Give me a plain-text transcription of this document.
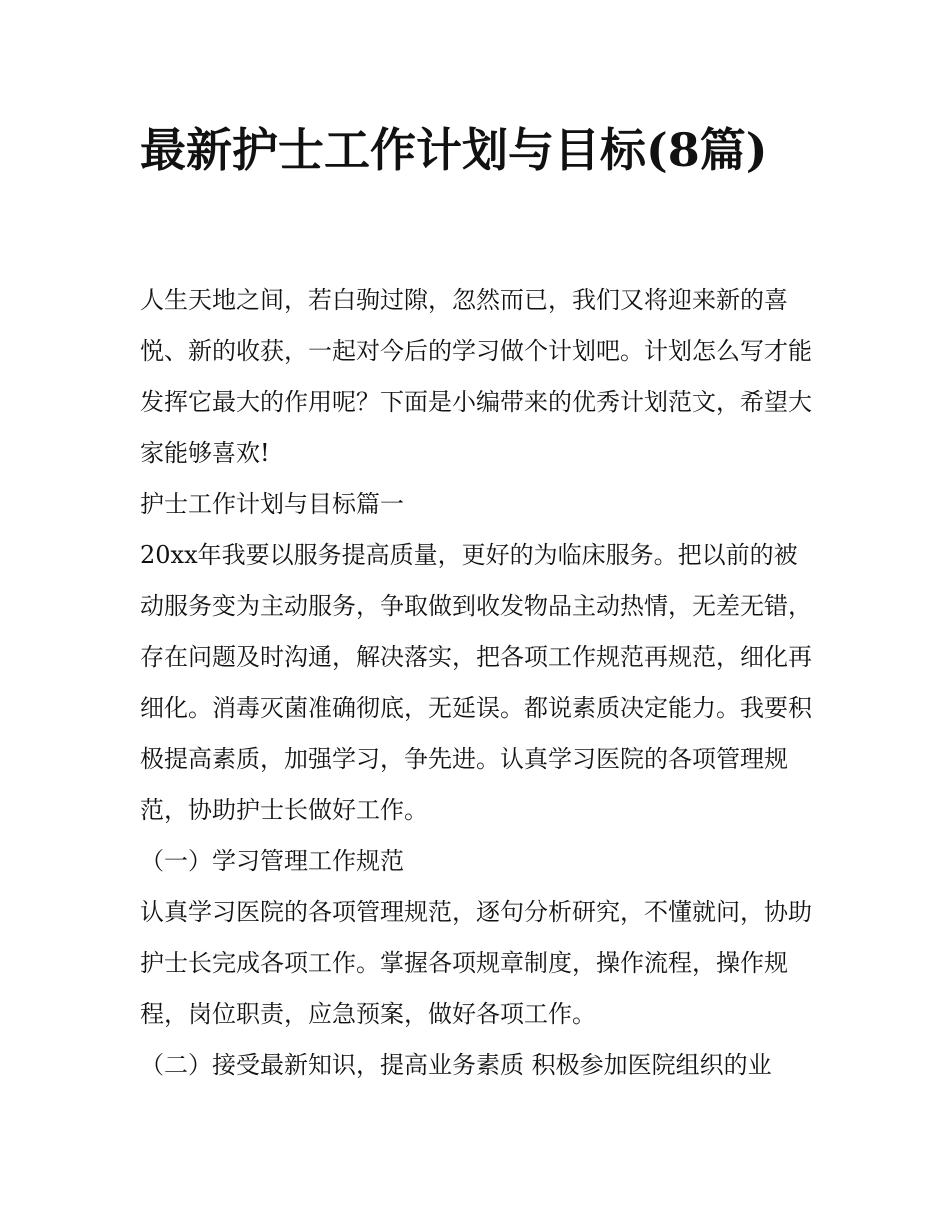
最新护士工作计划与目标(8篇)

人生天地之间，若白驹过隙，忽然而已，我们又将迎来新的喜悦、新的收获，一起对今后的学习做个计划吧。计划怎么写才能发挥它最大的作用呢？下面是小编带来的优秀计划范文，希望大家能够喜欢!

护士工作计划与目标篇一

20xx年我要以服务提高质量，更好的为临床服务。把以前的被动服务变为主动服务，争取做到收发物品主动热情，无差无错，存在问题及时沟通，解决落实，把各项工作规范再规范，细化再细化。消毒灭菌准确彻底，无延误。都说素质决定能力。我要积极提高素质，加强学习，争先进。认真学习医院的各项管理规范，协助护士长做好工作。

（一）学习管理工作规范

认真学习医院的各项管理规范，逐句分析研究，不懂就问，协助护士长完成各项工作。掌握各项规章制度，操作流程，操作规程，岗位职责，应急预案，做好各项工作。

（二）接受最新知识，提高业务素质 积极参加医院组织的业
